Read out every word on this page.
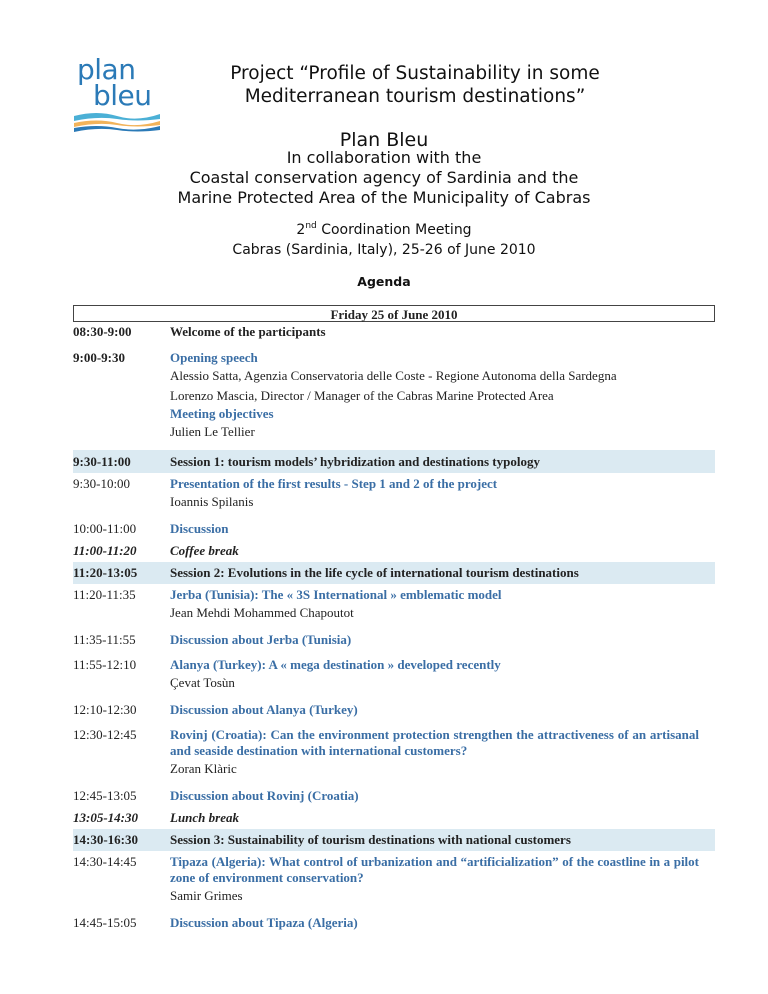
plan
bleu
Project “Profile of Sustainability in some
Mediterranean tourism destinations”
Plan Bleu
In collaboration with the
Coastal conservation agency of Sardinia and the
Marine Protected Area of the Municipality of Cabras
2nd Coordination Meeting
Cabras (Sardinia, Italy), 25-26 of June 2010
Agenda
Friday 25 of June 2010
08:30-9:00	Welcome of the participants
9:00-9:30	Opening speech
Alessio Satta, Agenzia Conservatoria delle Coste - Regione Autonoma della Sardegna
Lorenzo Mascia, Director / Manager of the Cabras Marine Protected Area
Meeting objectives
Julien Le Tellier
9:30-11:00	Session 1: tourism models’ hybridization and destinations typology
9:30-10:00	Presentation of the first results - Step 1 and 2 of the project
Ioannis Spilanis
10:00-11:00	Discussion
11:00-11:20	Coffee break
11:20-13:05	Session 2: Evolutions in the life cycle of international tourism destinations
11:20-11:35	Jerba (Tunisia): The « 3S International » emblematic model
Jean Mehdi Mohammed Chapoutot
11:35-11:55	Discussion about Jerba (Tunisia)
11:55-12:10	Alanya (Turkey): A « mega destination » developed recently
Çevat Tosùn
12:10-12:30	Discussion about Alanya (Turkey)
12:30-12:45	Rovinj (Croatia): Can the environment protection strengthen the attractiveness of an artisanal and seaside destination with international customers?
Zoran Klàric
12:45-13:05	Discussion about Rovinj (Croatia)
13:05-14:30	Lunch break
14:30-16:30	Session 3: Sustainability of tourism destinations with national customers
14:30-14:45	Tipaza (Algeria): What control of urbanization and “artificialization” of the coastline in a pilot zone of environment conservation?
Samir Grimes
14:45-15:05	Discussion about Tipaza (Algeria)
